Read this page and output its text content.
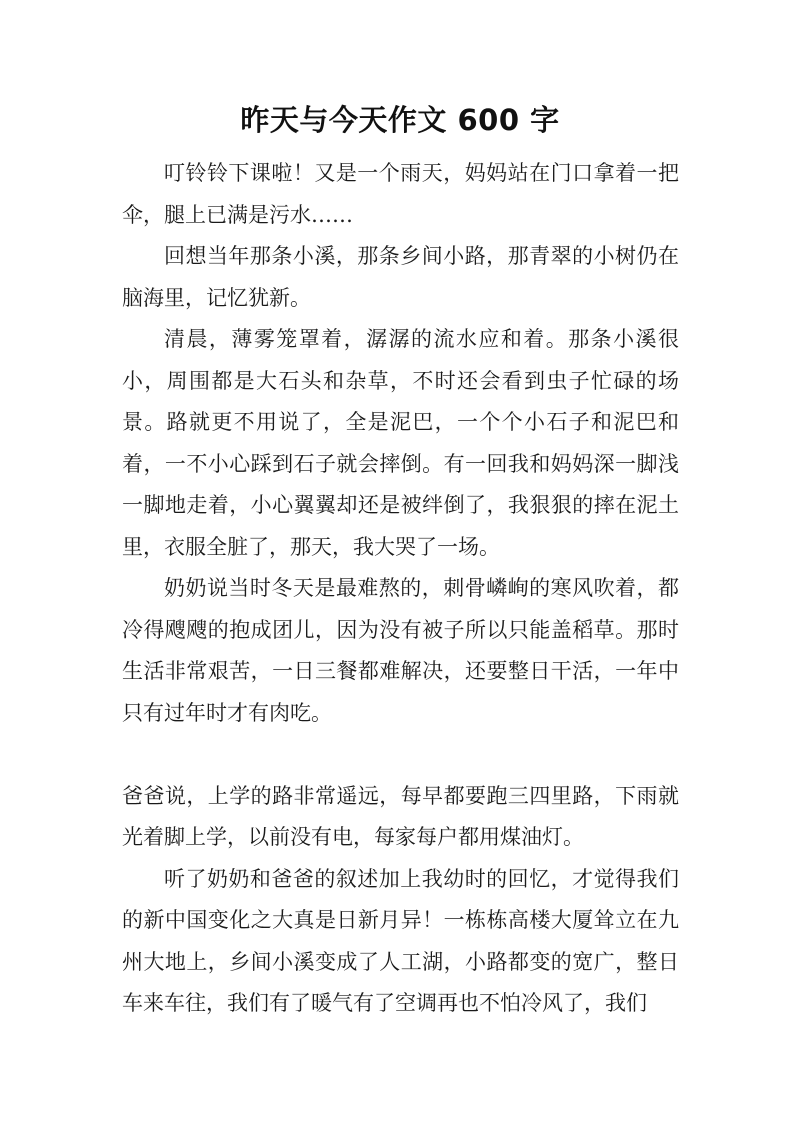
昨天与今天作文 600 字

叮铃铃下课啦！又是一个雨天，妈妈站在门口拿着一把伞，腿上已满是污水……

回想当年那条小溪，那条乡间小路，那青翠的小树仍在脑海里，记忆犹新。

清晨，薄雾笼罩着，潺潺的流水应和着。那条小溪很小，周围都是大石头和杂草，不时还会看到虫子忙碌的场景。路就更不用说了，全是泥巴，一个个小石子和泥巴和着，一不小心踩到石子就会摔倒。有一回我和妈妈深一脚浅一脚地走着，小心翼翼却还是被绊倒了，我狠狠的摔在泥土里，衣服全脏了，那天，我大哭了一场。

奶奶说当时冬天是最难熬的，刺骨嶙峋的寒风吹着，都冷得飕飕的抱成团儿，因为没有被子所以只能盖稻草。那时生活非常艰苦，一日三餐都难解决，还要整日干活，一年中只有过年时才有肉吃。

爸爸说，上学的路非常遥远，每早都要跑三四里路，下雨就光着脚上学，以前没有电，每家每户都用煤油灯。

听了奶奶和爸爸的叙述加上我幼时的回忆，才觉得我们的新中国变化之大真是日新月异！一栋栋高楼大厦耸立在九州大地上，乡间小溪变成了人工湖，小路都变的宽广，整日车来车往，我们有了暖气有了空调再也不怕冷风了，我们
